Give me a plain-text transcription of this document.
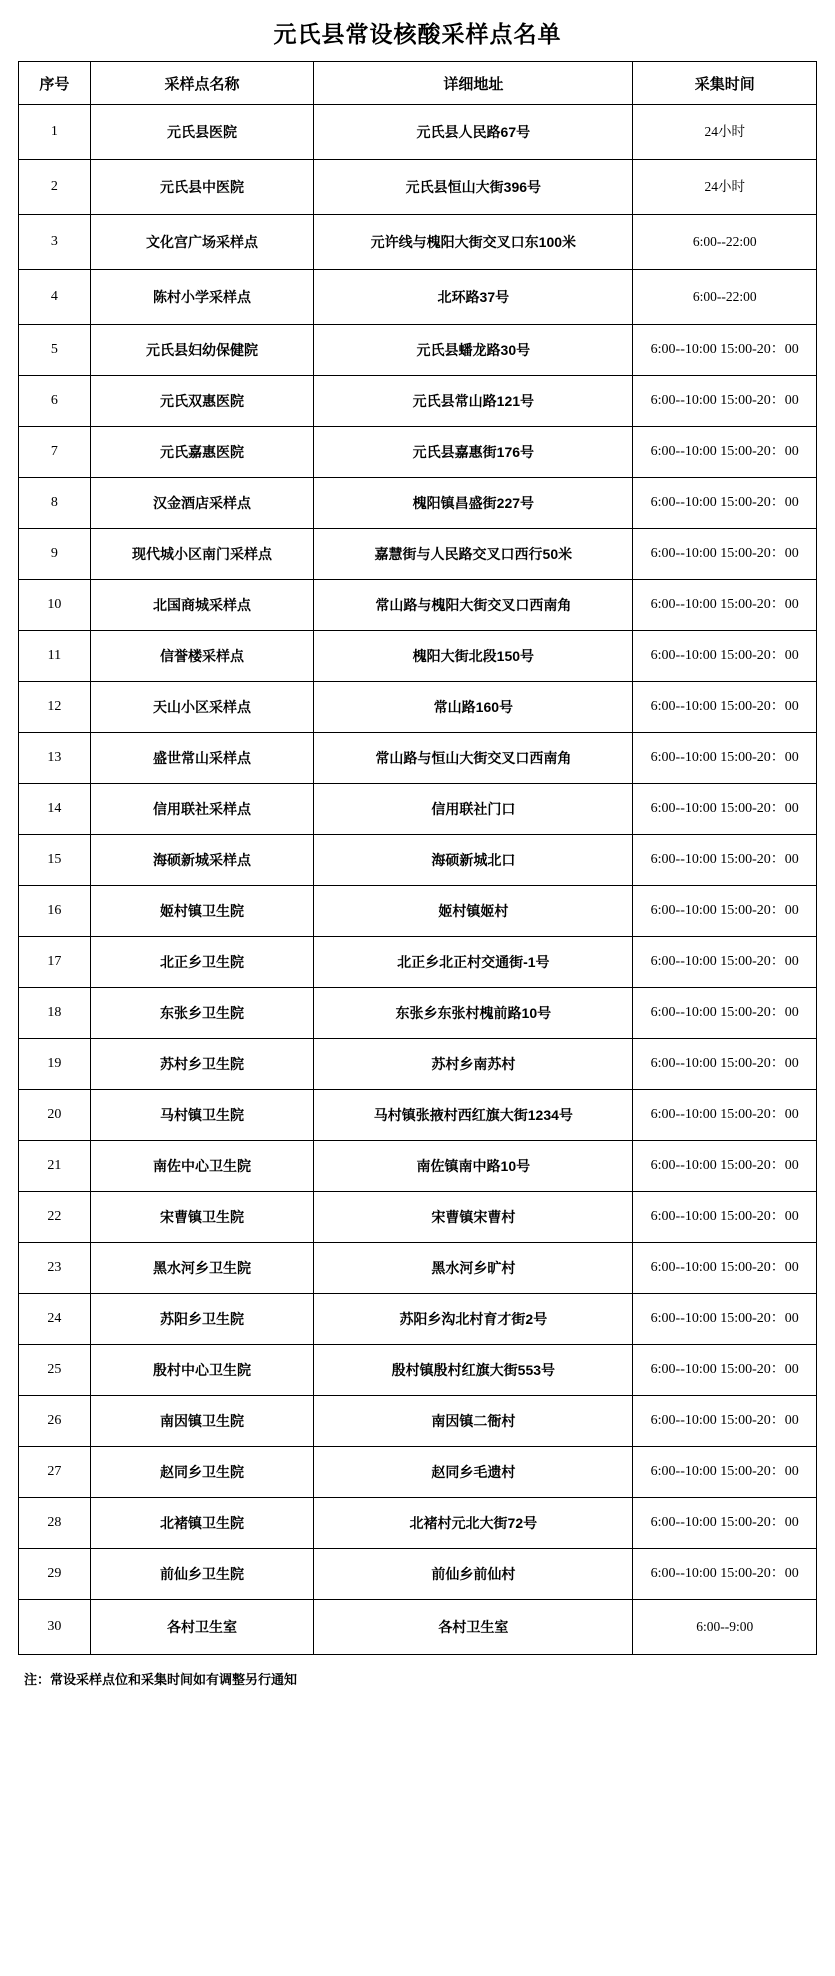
元氏县常设核酸采样点名单
序号	采样点名称	详细地址	采集时间
1	元氏县医院	元氏县人民路67号	24小时
2	元氏县中医院	元氏县恒山大街396号	24小时
3	文化宫广场采样点	元许线与槐阳大街交叉口东100米	6:00--22:00
4	陈村小学采样点	北环路37号	6:00--22:00
5	元氏县妇幼保健院	元氏县蟠龙路30号	6:00--10:00 15:00-20：00
6	元氏双惠医院	元氏县常山路121号	6:00--10:00 15:00-20：00
7	元氏嘉惠医院	元氏县嘉惠街176号	6:00--10:00 15:00-20：00
8	汉金酒店采样点	槐阳镇昌盛街227号	6:00--10:00 15:00-20：00
9	现代城小区南门采样点	嘉慧街与人民路交叉口西行50米	6:00--10:00 15:00-20：00
10	北国商城采样点	常山路与槐阳大街交叉口西南角	6:00--10:00 15:00-20：00
11	信誉楼采样点	槐阳大街北段150号	6:00--10:00 15:00-20：00
12	天山小区采样点	常山路160号	6:00--10:00 15:00-20：00
13	盛世常山采样点	常山路与恒山大街交叉口西南角	6:00--10:00 15:00-20：00
14	信用联社采样点	信用联社门口	6:00--10:00 15:00-20：00
15	海硕新城采样点	海硕新城北口	6:00--10:00 15:00-20：00
16	姬村镇卫生院	姬村镇姬村	6:00--10:00 15:00-20：00
17	北正乡卫生院	北正乡北正村交通街-1号	6:00--10:00 15:00-20：00
18	东张乡卫生院	东张乡东张村槐前路10号	6:00--10:00 15:00-20：00
19	苏村乡卫生院	苏村乡南苏村	6:00--10:00 15:00-20：00
20	马村镇卫生院	马村镇张掖村西红旗大街1234号	6:00--10:00 15:00-20：00
21	南佐中心卫生院	南佐镇南中路10号	6:00--10:00 15:00-20：00
22	宋曹镇卫生院	宋曹镇宋曹村	6:00--10:00 15:00-20：00
23	黑水河乡卫生院	黑水河乡旷村	6:00--10:00 15:00-20：00
24	苏阳乡卫生院	苏阳乡沟北村育才街2号	6:00--10:00 15:00-20：00
25	殷村中心卫生院	殷村镇殷村红旗大街553号	6:00--10:00 15:00-20：00
26	南因镇卫生院	南因镇二衙村	6:00--10:00 15:00-20：00
27	赵同乡卫生院	赵同乡毛遗村	6:00--10:00 15:00-20：00
28	北褚镇卫生院	北褚村元北大街72号	6:00--10:00 15:00-20：00
29	前仙乡卫生院	前仙乡前仙村	6:00--10:00 15:00-20：00
30	各村卫生室	各村卫生室	6:00--9:00
注：常设采样点位和采集时间如有调整另行通知
